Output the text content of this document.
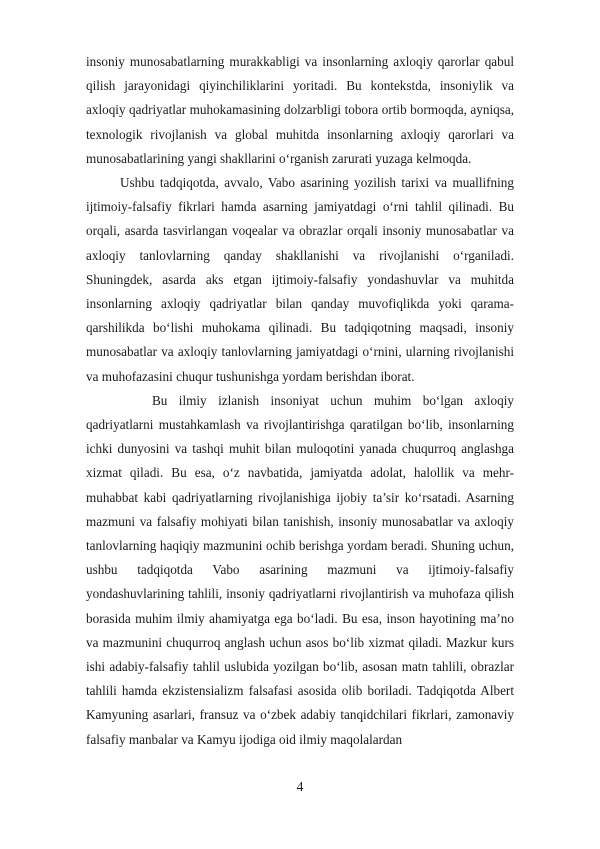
insoniy munosabatlarning murakkabligi va insonlarning axloqiy qarorlar qabul qilish jarayonidagi qiyinchiliklarini yoritadi. Bu kontekstda, insoniylik va axloqiy qadriyatlar muhokamasining dolzarbligi tobora ortib bormoqda, ayniqsa, texnologik rivojlanish va global muhitda insonlarning axloqiy qarorlari va munosabatlarining yangi shakllarini o‘rganish zarurati yuzaga kelmoqda.

Ushbu tadqiqotda, avvalo, Vabo asarining yozilish tarixi va muallifning ijtimoiy-falsafiy fikrlari hamda asarning jamiyatdagi o‘rni tahlil qilinadi. Bu orqali, asarda tasvirlangan voqealar va obrazlar orqali insoniy munosabatlar va axloqiy tanlovlarning qanday shakllanishi va rivojlanishi o‘rganiladi. Shuningdek, asarda aks etgan ijtimoiy-falsafiy yondashuvlar va muhitda insonlarning axloqiy qadriyatlar bilan qanday muvofiqlikda yoki qarama-qarshilikda bo‘lishi muhokama qilinadi. Bu tadqiqotning maqsadi, insoniy munosabatlar va axloqiy tanlovlarning jamiyatdagi o‘rnini, ularning rivojlanishi va muhofazasini chuqur tushunishga yordam berishdan iborat.

Bu ilmiy izlanish insoniyat uchun muhim bo‘lgan axloqiy qadriyatlarni mustahkamlash va rivojlantirishga qaratilgan bo‘lib, insonlarning ichki dunyosini va tashqi muhit bilan muloqotini yanada chuqurroq anglashga xizmat qiladi. Bu esa, o‘z navbatida, jamiyatda adolat, halollik va mehr-muhabbat kabi qadriyatlarning rivojlanishiga ijobiy ta’sir ko‘rsatadi. Asarning mazmuni va falsafiy mohiyati bilan tanishish, insoniy munosabatlar va axloqiy tanlovlarning haqiqiy mazmunini ochib berishga yordam beradi. Shuning uchun, ushbu tadqiqotda Vabo asarining mazmuni va ijtimoiy-falsafiy yondashuvlarining tahlili, insoniy qadriyatlarni rivojlantirish va muhofaza qilish borasida muhim ilmiy ahamiyatga ega bo‘ladi. Bu esa, inson hayotining ma’no va mazmunini chuqurroq anglash uchun asos bo‘lib xizmat qiladi. Mazkur kurs ishi adabiy-falsafiy tahlil uslubida yozilgan bo‘lib, asosan matn tahlili, obrazlar tahlili hamda ekzistensializm falsafasi asosida olib boriladi. Tadqiqotda Albert Kamyuning asarlari, fransuz va o‘zbek adabiy tanqidchilari fikrlari, zamonaviy falsafiy manbalar va Kamyu ijodiga oid ilmiy maqolalardan

4
